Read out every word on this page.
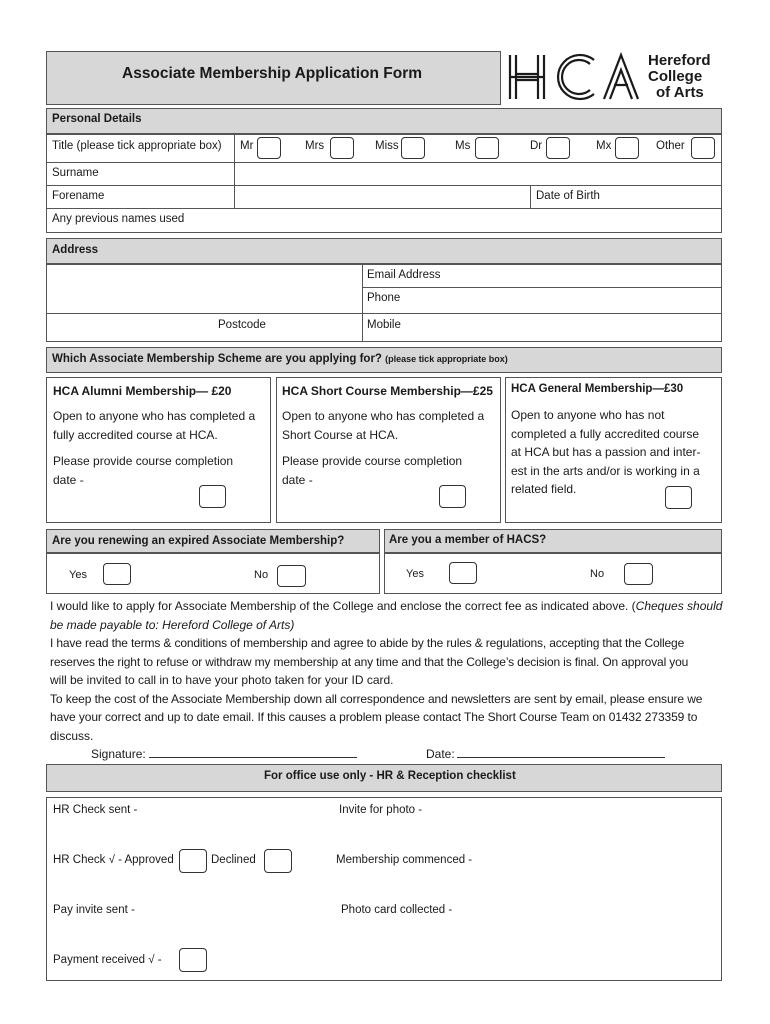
Associate Membership Application Form
Hereford
College
of Arts
Personal Details
Title (please tick appropriate box) Mr	Mrs	Miss	Ms	Dr	Mx	Other
Surname
Forename	Date of Birth
Any previous names used
Address
Email Address
Phone
Postcode	Mobile
Which Associate Membership Scheme are you applying for? (please tick appropriate box)
HCA Alumni Membership— £20
Open to anyone who has completed a
fully accredited course at HCA.
Please provide course completion
date -
HCA Short Course Membership—£25
Open to anyone who has completed a
Short Course at HCA.
Please provide course completion
date -
HCA General Membership—£30
Open to anyone who has not
completed a fully accredited course
at HCA but has a passion and inter-
est in the arts and/or is working in a
related field.
Are you renewing an expired Associate Membership?
Yes	No
Are you a member of HACS?
Yes	No

I would like to apply for Associate Membership of the College and enclose the correct fee as indicated above. (Cheques should

be made payable to: Hereford College of Arts)

I have read the terms & conditions of membership and agree to abide by the rules & regulations, accepting that the College

reserves the right to refuse or withdraw my membership at any time and that the College’s decision is final. On approval you

will be invited to call in to have your photo taken for your ID card.

To keep the cost of the Associate Membership down all correspondence and newsletters are sent by email, please ensure we

have your correct and up to date email. If this causes a problem please contact The Short Course Team on 01432 273359 to

discuss.

Signature:	Date:
For office use only - HR & Reception checklist
HR Check sent -	Invite for photo -
HR Check √ - Approved	Declined	Membership commenced -
Pay invite sent -	Photo card collected -
Payment received √ -
